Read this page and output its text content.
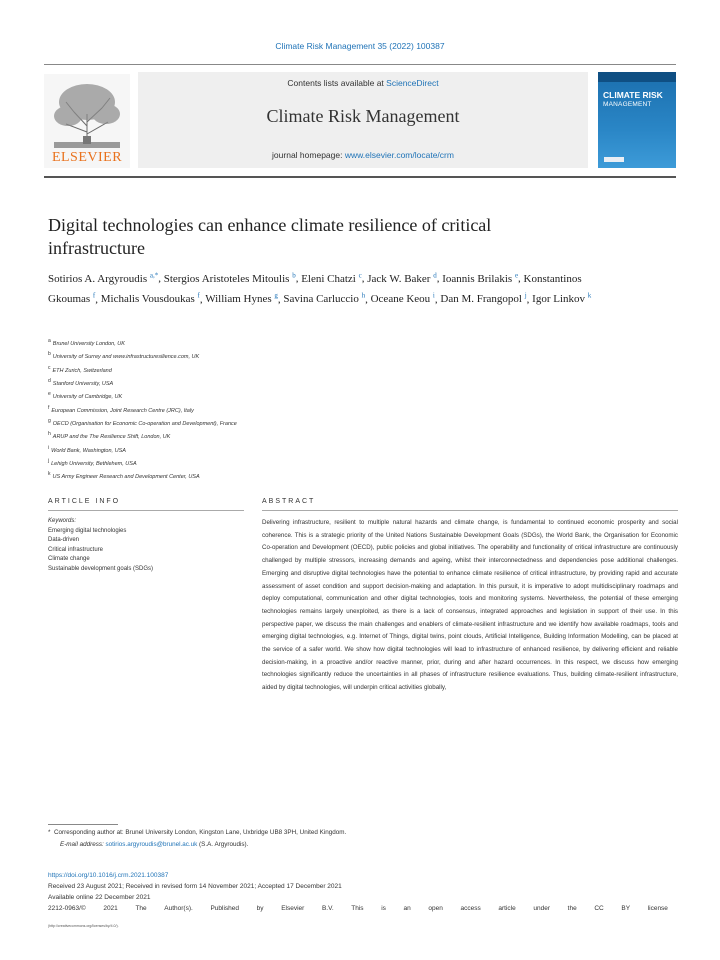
Climate Risk Management 35 (2022) 100387
ELSEVIER
Contents lists available at ScienceDirect
Climate Risk Management
journal homepage: www.elsevier.com/locate/crm
CLIMATE RISK
MANAGEMENT
Digital technologies can enhance climate resilience of critical infrastructure
Sotirios A. Argyroudis $^{a,*}$, Stergios Aristoteles Mitoulis $^b$, Eleni Chatzi $^c$, Jack W. Baker $^d$, Ioannis Brilakis $^e$, Konstantinos Gkoumas $^f$, Michalis Vousdoukas $^f$, William Hynes $^g$, Savina Carluccio $^h$, Oceane Keou $^i$, Dan M. Frangopol $^j$, Igor Linkov $^k$
a Brunel University London, UK
b University of Surrey and www.infrastructuresilience.com, UK
c ETH Zurich, Switzerland
d Stanford University, USA
e University of Cambridge, UK
f European Commission, Joint Research Centre (JRC), Italy
g OECD (Organisation for Economic Co-operation and Development), France
h ARUP and the The Resilience Shift, London, UK
i World Bank, Washington, USA
j Lehigh University, Bethlehem, USA
k US Army Engineer Research and Development Center, USA
ARTICLE INFO	ABSTRACT
Keywords:
Emerging digital technologies
Data-driven
Critical infrastructure
Climate change
Sustainable development goals (SDGs)
Delivering infrastructure, resilient to multiple natural hazards and climate change, is fundamental to continued economic prosperity and social coherence. This is a strategic priority of the United Nations Sustainable Development Goals (SDGs), the World Bank, the Organisation for Economic Co-operation and Development (OECD), public policies and global initiatives. The operability and functionality of critical infrastructure are continuously challenged by multiple stressors, increasing demands and ageing, whilst their interconnectedness and dependencies pose additional challenges. Emerging and disruptive digital technologies have the potential to enhance climate resilience of critical infrastructure, by providing rapid and accurate assessment of asset condition and support decision-making and adaptation. In this pursuit, it is imperative to adopt multidisciplinary roadmaps and deploy computational, communication and other digital technologies, tools and monitoring systems. Nevertheless, the potential of these emerging technologies remains largely unexploited, as there is a lack of consensus, integrated approaches and legislation in support of their use. In this perspective paper, we discuss the main challenges and enablers of climate-resilient infrastructure and we identify how available roadmaps, tools and emerging digital technologies, e.g. Internet of Things, digital twins, point clouds, Artificial Intelligence, Building Information Modelling, can be placed at the service of a safer world. We show how digital technologies will lead to infrastructure of enhanced resilience, by delivering efficient and reliable decision-making, in a proactive and/or reactive manner, prior, during and after hazard occurrences. In this respect, we discuss how emerging technologies significantly reduce the uncertainties in all phases of infrastructure resilience evaluations. Thus, building climate-resilient infrastructure, aided by digital technologies, will underpin critical activities globally,
* Corresponding author at: Brunel University London, Kingston Lane, Uxbridge UB8 3PH, United Kingdom.
E-mail address: sotirios.argyroudis@brunel.ac.uk (S.A. Argyroudis).
https://doi.org/10.1016/j.crm.2021.100387
Received 23 August 2021; Received in revised form 14 November 2021; Accepted 17 December 2021
Available online 22 December 2021
2212-0963/©	2021	The	Author(s).	Published	by	Elsevier	B.V.	This	is	an	open	access	article	under	the	CC	BY	license
(http://creativecommons.org/licenses/by/4.0/).
